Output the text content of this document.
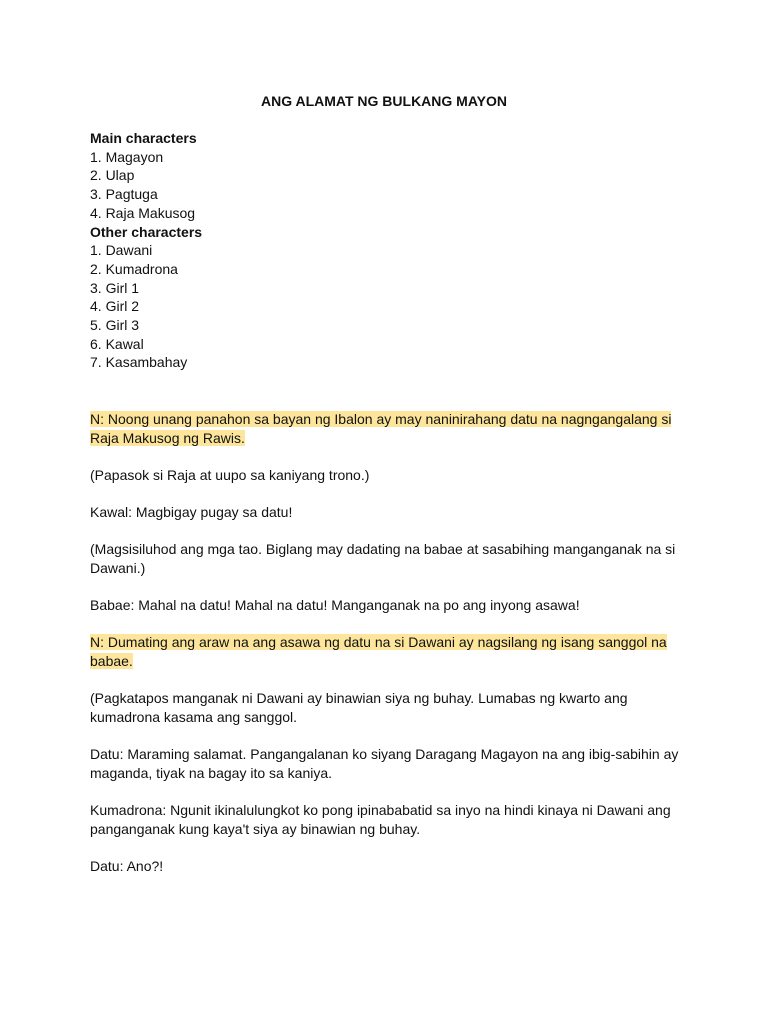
ANG ALAMAT NG BULKANG MAYON
Main characters
1. Magayon
2. Ulap
3. Pagtuga
4. Raja Makusog
Other characters
1. Dawani
2. Kumadrona
3. Girl 1
4. Girl 2
5. Girl 3
6. Kawal
7. Kasambahay
N: Noong unang panahon sa bayan ng Ibalon ay may naninirahang datu na nagngangalang si
Raja Makusog ng Rawis.
(Papasok si Raja at uupo sa kaniyang trono.)
Kawal: Magbigay pugay sa datu!
(Magsisiluhod ang mga tao. Biglang may dadating na babae at sasabihing manganganak na si
Dawani.)
Babae: Mahal na datu! Mahal na datu! Manganganak na po ang inyong asawa!
N: Dumating ang araw na ang asawa ng datu na si Dawani ay nagsilang ng isang sanggol na
babae.
(Pagkatapos manganak ni Dawani ay binawian siya ng buhay. Lumabas ng kwarto ang
kumadrona kasama ang sanggol.
Datu: Maraming salamat. Pangangalanan ko siyang Daragang Magayon na ang ibig-sabihin ay
maganda, tiyak na bagay ito sa kaniya.
Kumadrona: Ngunit ikinalulungkot ko pong ipinababatid sa inyo na hindi kinaya ni Dawani ang
panganganak kung kaya't siya ay binawian ng buhay.
Datu: Ano?!
